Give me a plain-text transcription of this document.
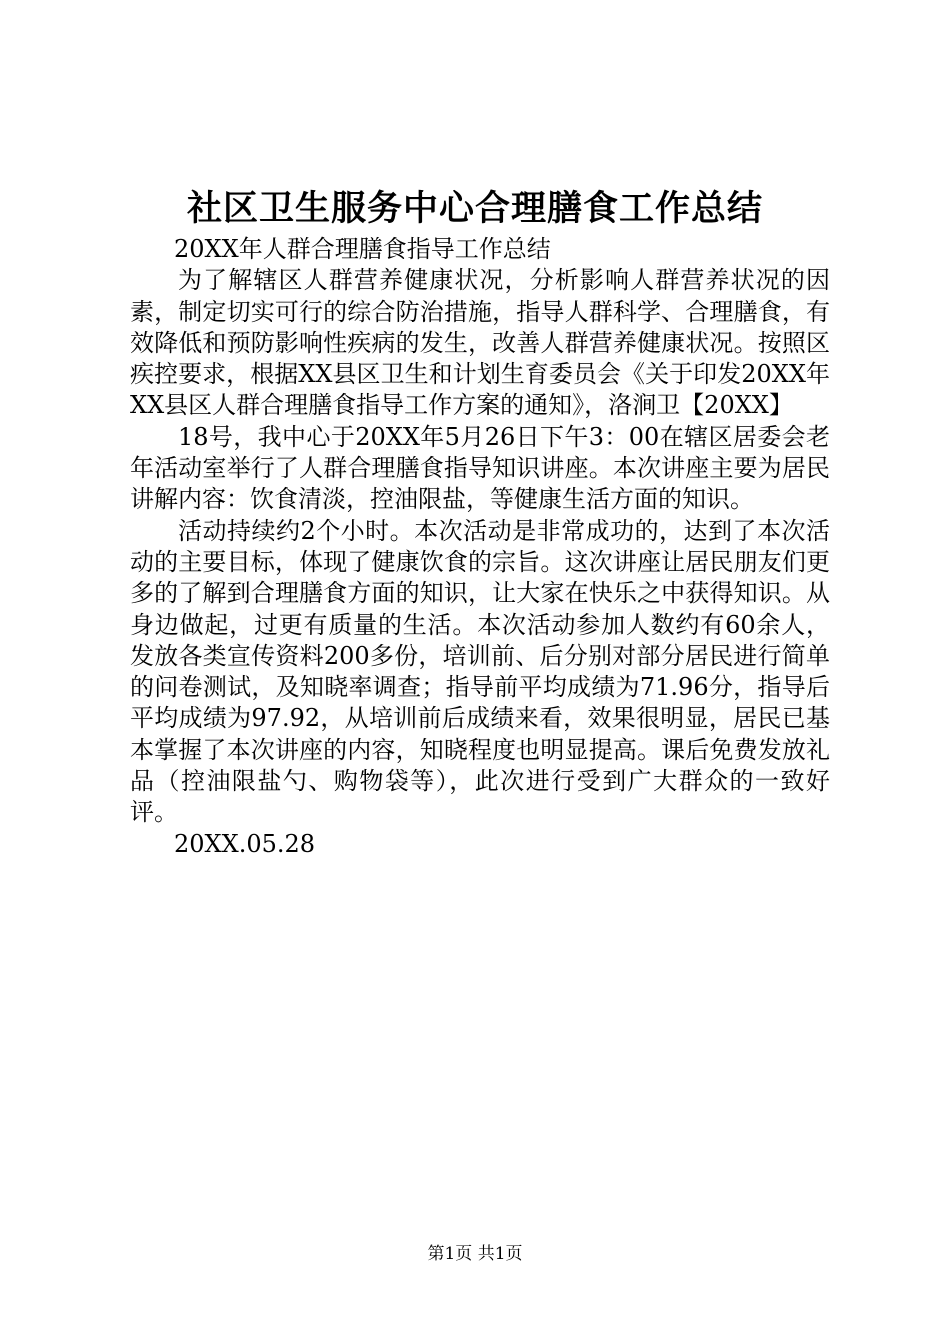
社区卫生服务中心合理膳食工作总结

20XX年人群合理膳食指导工作总结

为了解辖区人群营养健康状况，分析影响人群营养状况的因素，制定切实可行的综合防治措施，指导人群科学、合理膳食，有效降低和预防影响性疾病的发生，改善人群营养健康状况。按照区疾控要求，根据XX县区卫生和计划生育委员会《关于印发20XX年XX县区人群合理膳食指导工作方案的通知》，洛涧卫【20XX】

18号，我中心于20XX年5月26日下午3：00在辖区居委会老年活动室举行了人群合理膳食指导知识讲座。本次讲座主要为居民讲解内容：饮食清淡，控油限盐，等健康生活方面的知识。

活动持续约2个小时。本次活动是非常成功的，达到了本次活动的主要目标，体现了健康饮食的宗旨。这次讲座让居民朋友们更多的了解到合理膳食方面的知识，让大家在快乐之中获得知识。从身边做起，过更有质量的生活。本次活动参加人数约有60余人，发放各类宣传资料200多份，培训前、后分别对部分居民进行简单的问卷测试，及知晓率调查；指导前平均成绩为71.96分，指导后平均成绩为97.92，从培训前后成绩来看，效果很明显，居民已基本掌握了本次讲座的内容，知晓程度也明显提高。课后免费发放礼品（控油限盐勺、购物袋等），此次进行受到广大群众的一致好评。

20XX.05.28

第1页 共1页
